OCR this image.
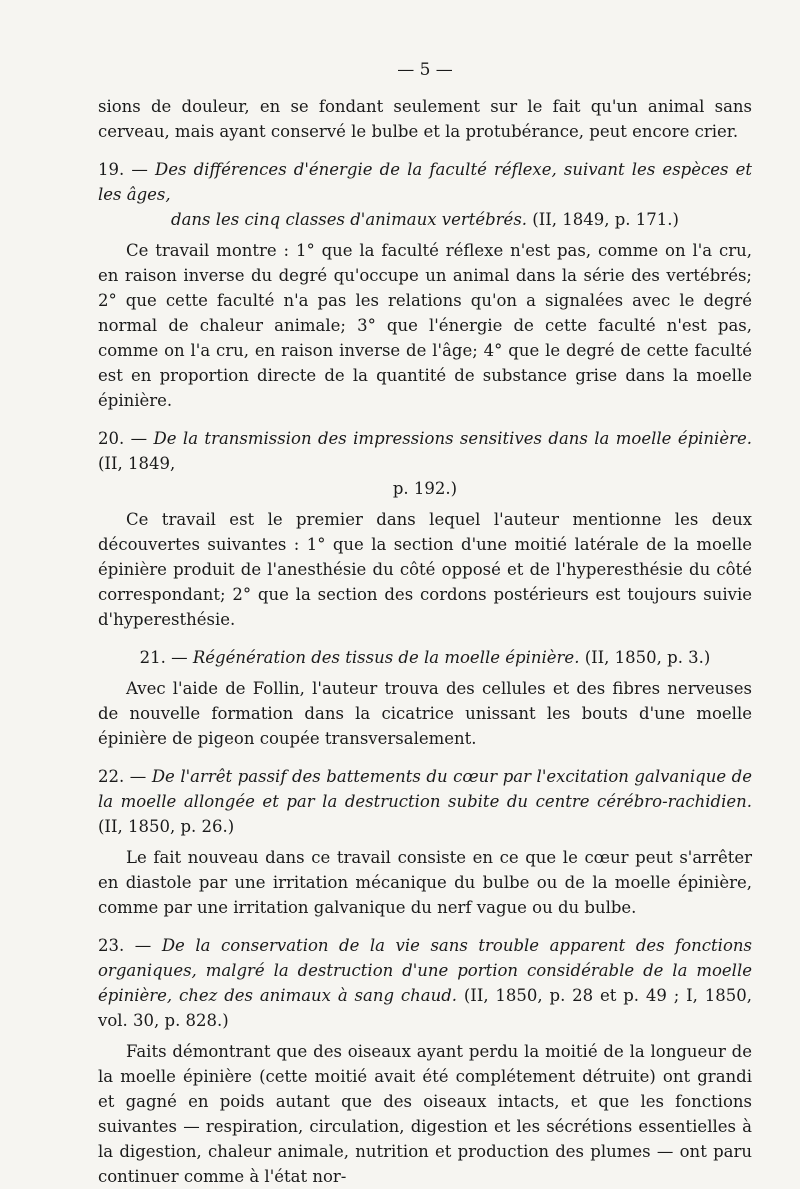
— 5 —

sions de douleur, en se fondant seulement sur le fait qu'un animal sans cerveau, mais ayant conservé le bulbe et la protubérance, peut encore crier.

19. — Des différences d'énergie de la faculté réflexe, suivant les espèces et les âges,
dans les cinq classes d'animaux vertébrés. (II, 1849, p. 171.)

Ce travail montre : 1° que la faculté réflexe n'est pas, comme on l'a cru, en raison inverse du degré qu'occupe un animal dans la série des vertébrés; 2° que cette faculté n'a pas les relations qu'on a signalées avec le degré normal de chaleur animale; 3° que l'énergie de cette faculté n'est pas, comme on l'a cru, en raison inverse de l'âge; 4° que le degré de cette faculté est en proportion directe de la quantité de substance grise dans la moelle épinière.

20. — De la transmission des impressions sensitives dans la moelle épinière. (II, 1849,
p. 192.)

Ce travail est le premier dans lequel l'auteur mentionne les deux découvertes suivantes : 1° que la section d'une moitié latérale de la moelle épinière produit de l'anesthésie du côté opposé et de l'hyperesthésie du côté correspondant; 2° que la section des cordons postérieurs est toujours suivie d'hyperesthésie.

21. — Régénération des tissus de la moelle épinière. (II, 1850, p. 3.)

Avec l'aide de Follin, l'auteur trouva des cellules et des fibres nerveuses de nouvelle formation dans la cicatrice unissant les bouts d'une moelle épinière de pigeon coupée transversalement.

22. — De l'arrêt passif des battements du cœur par l'excitation galvanique de la moelle allongée et par la destruction subite du centre cérébro-rachidien. (II, 1850, p. 26.)

Le fait nouveau dans ce travail consiste en ce que le cœur peut s'arrêter en diastole par une irritation mécanique du bulbe ou de la moelle épinière, comme par une irritation galvanique du nerf vague ou du bulbe.

23. — De la conservation de la vie sans trouble apparent des fonctions organiques, malgré la destruction d'une portion considérable de la moelle épinière, chez des animaux à sang chaud. (II, 1850, p. 28 et p. 49 ; I, 1850, vol. 30, p. 828.)

Faits démontrant que des oiseaux ayant perdu la moitié de la longueur de la moelle épinière (cette moitié avait été complétement détruite) ont grandi et gagné en poids autant que des oiseaux intacts, et que les fonctions suivantes — respiration, circulation, digestion et les sécrétions essentielles à la digestion, chaleur animale, nutrition et production des plumes — ont paru continuer comme à l'état nor-
